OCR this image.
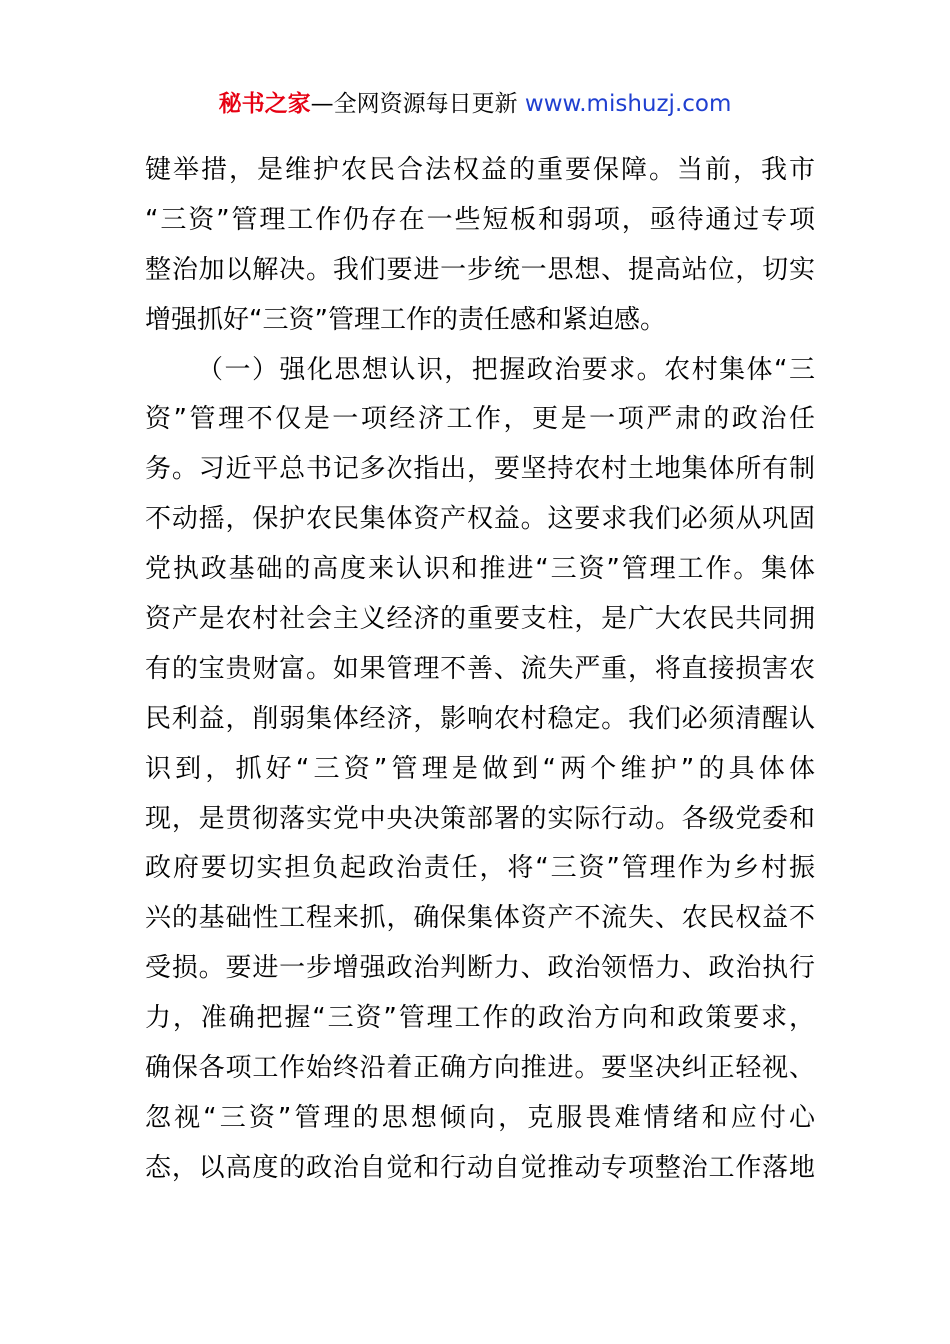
秘书之家—全网资源每日更新 www.mishuzj.com
键举措，是维护农民合法权益的重要保障。当前，我市
“三资”管理工作仍存在一些短板和弱项，亟待通过专项
整治加以解决。我们要进一步统一思想、提高站位，切实
增强抓好“三资”管理工作的责任感和紧迫感。
（一）强化思想认识，把握政治要求。农村集体“三
资”管理不仅是一项经济工作，更是一项严肃的政治任
务。习近平总书记多次指出，要坚持农村土地集体所有制
不动摇，保护农民集体资产权益。这要求我们必须从巩固
党执政基础的高度来认识和推进“三资”管理工作。集体
资产是农村社会主义经济的重要支柱，是广大农民共同拥
有的宝贵财富。如果管理不善、流失严重，将直接损害农
民利益，削弱集体经济，影响农村稳定。我们必须清醒认
识到，抓好“三资”管理是做到“两个维护”的具体体
现，是贯彻落实党中央决策部署的实际行动。各级党委和
政府要切实担负起政治责任，将“三资”管理作为乡村振
兴的基础性工程来抓，确保集体资产不流失、农民权益不
受损。要进一步增强政治判断力、政治领悟力、政治执行
力，准确把握“三资”管理工作的政治方向和政策要求，
确保各项工作始终沿着正确方向推进。要坚决纠正轻视、
忽视“三资”管理的思想倾向，克服畏难情绪和应付心
态，以高度的政治自觉和行动自觉推动专项整治工作落地
